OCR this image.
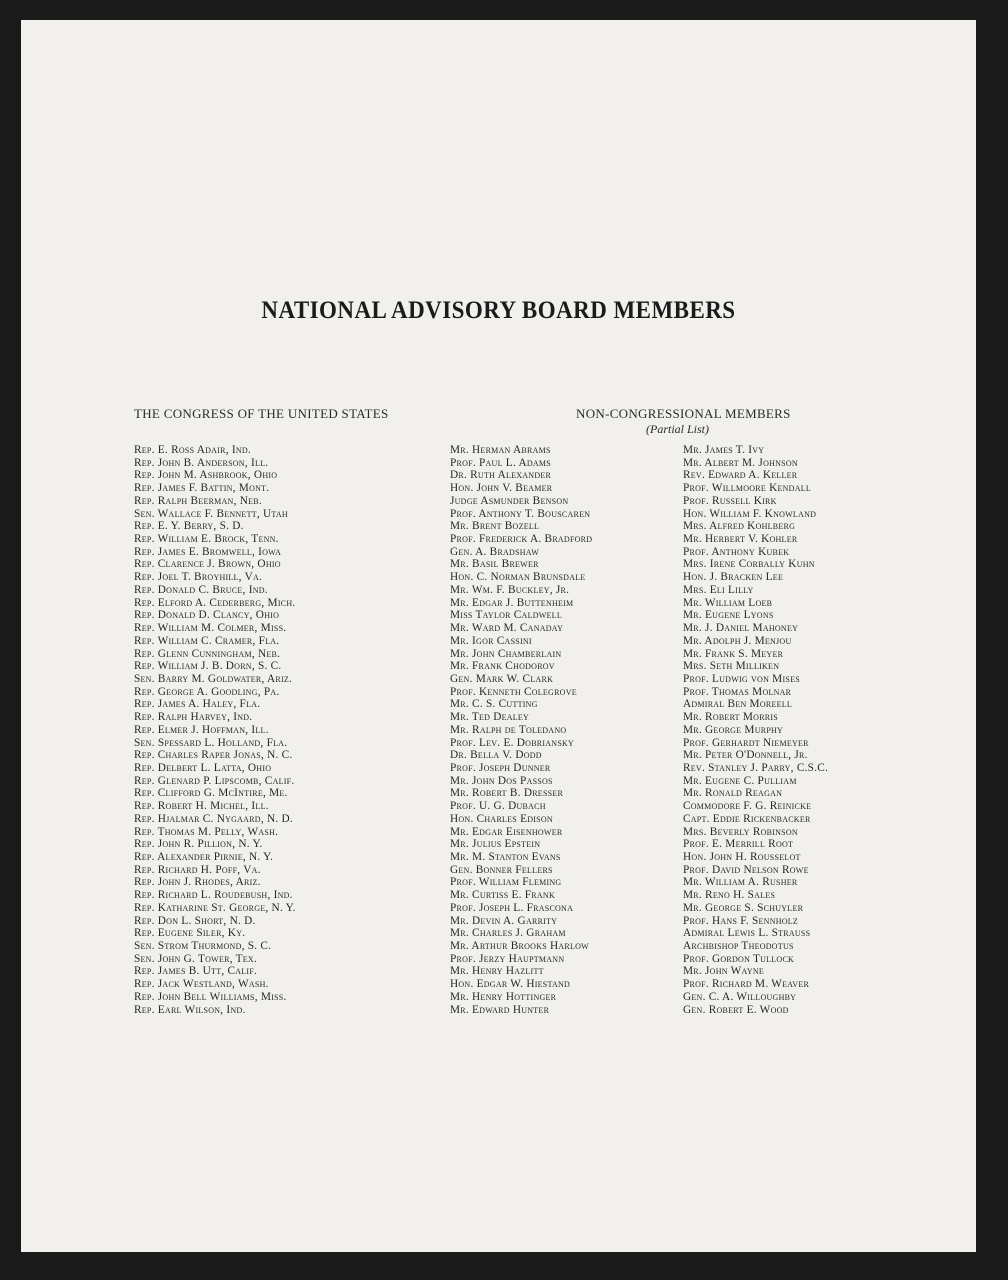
NATIONAL ADVISORY BOARD MEMBERS
THE CONGRESS OF THE UNITED STATES	NON-CONGRESSIONAL MEMBERS
(Partial List)
Rep. E. Ross Adair, Ind.
Rep. John B. Anderson, Ill.
Rep. John M. Ashbrook, Ohio
Rep. James F. Battin, Mont.
Rep. Ralph Beerman, Neb.
Sen. Wallace F. Bennett, Utah
Rep. E. Y. Berry, S. D.
Rep. William E. Brock, Tenn.
Rep. James E. Bromwell, Iowa
Rep. Clarence J. Brown, Ohio
Rep. Joel T. Broyhill, Va.
Rep. Donald C. Bruce, Ind.
Rep. Elford A. Cederberg, Mich.
Rep. Donald D. Clancy, Ohio
Rep. William M. Colmer, Miss.
Rep. William C. Cramer, Fla.
Rep. Glenn Cunningham, Neb.
Rep. William J. B. Dorn, S. C.
Sen. Barry M. Goldwater, Ariz.
Rep. George A. Goodling, Pa.
Rep. James A. Haley, Fla.
Rep. Ralph Harvey, Ind.
Rep. Elmer J. Hoffman, Ill.
Sen. Spessard L. Holland, Fla.
Rep. Charles Raper Jonas, N. C.
Rep. Delbert L. Latta, Ohio
Rep. Glenard P. Lipscomb, Calif.
Rep. Clifford G. McIntire, Me.
Rep. Robert H. Michel, Ill.
Rep. Hjalmar C. Nygaard, N. D.
Rep. Thomas M. Pelly, Wash.
Rep. John R. Pillion, N. Y.
Rep. Alexander Pirnie, N. Y.
Rep. Richard H. Poff, Va.
Rep. John J. Rhodes, Ariz.
Rep. Richard L. Roudebush, Ind.
Rep. Katharine St. George, N. Y.
Rep. Don L. Short, N. D.
Rep. Eugene Siler, Ky.
Sen. Strom Thurmond, S. C.
Sen. John G. Tower, Tex.
Rep. James B. Utt, Calif.
Rep. Jack Westland, Wash.
Rep. John Bell Williams, Miss.
Rep. Earl Wilson, Ind.
Mr. Herman Abrams
Prof. Paul L. Adams
Dr. Ruth Alexander
Hon. John V. Beamer
Judge Asmunder Benson
Prof. Anthony T. Bouscaren
Mr. Brent Bozell
Prof. Frederick A. Bradford
Gen. A. Bradshaw
Mr. Basil Brewer
Hon. C. Norman Brunsdale
Mr. Wm. F. Buckley, Jr.
Mr. Edgar J. Buttenheim
Miss Taylor Caldwell
Mr. Ward M. Canaday
Mr. Igor Cassini
Mr. John Chamberlain
Mr. Frank Chodorov
Gen. Mark W. Clark
Prof. Kenneth Colegrove
Mr. C. S. Cutting
Mr. Ted Dealey
Mr. Ralph de Toledano
Prof. Lev. E. Dobriansky
Dr. Bella V. Dodd
Prof. Joseph Dunner
Mr. John Dos Passos
Mr. Robert B. Dresser
Prof. U. G. Dubach
Hon. Charles Edison
Mr. Edgar Eisenhower
Mr. Julius Epstein
Mr. M. Stanton Evans
Gen. Bonner Fellers
Prof. William Fleming
Mr. Curtiss E. Frank
Prof. Joseph L. Frascona
Mr. Devin A. Garrity
Mr. Charles J. Graham
Mr. Arthur Brooks Harlow
Prof. Jerzy Hauptmann
Mr. Henry Hazlitt
Hon. Edgar W. Hiestand
Mr. Henry Hottinger
Mr. Edward Hunter
Mr. James T. Ivy
Mr. Albert M. Johnson
Rev. Edward A. Keller
Prof. Willmoore Kendall
Prof. Russell Kirk
Hon. William F. Knowland
Mrs. Alfred Kohlberg
Mr. Herbert V. Kohler
Prof. Anthony Kubek
Mrs. Irene Corbally Kuhn
Hon. J. Bracken Lee
Mrs. Eli Lilly
Mr. William Loeb
Mr. Eugene Lyons
Mr. J. Daniel Mahoney
Mr. Adolph J. Menjou
Mr. Frank S. Meyer
Mrs. Seth Milliken
Prof. Ludwig von Mises
Prof. Thomas Molnar
Admiral Ben Moreell
Mr. Robert Morris
Mr. George Murphy
Prof. Gerhardt Niemeyer
Mr. Peter O'Donnell, Jr.
Rev. Stanley J. Parry, C.S.C.
Mr. Eugene C. Pulliam
Mr. Ronald Reagan
Commodore F. G. Reinicke
Capt. Eddie Rickenbacker
Mrs. Beverly Robinson
Prof. E. Merrill Root
Hon. John H. Rousselot
Prof. David Nelson Rowe
Mr. William A. Rusher
Mr. Reno H. Sales
Mr. George S. Schuyler
Prof. Hans F. Sennholz
Admiral Lewis L. Strauss
Archbishop Theodotus
Prof. Gordon Tullock
Mr. John Wayne
Prof. Richard M. Weaver
Gen. C. A. Willoughby
Gen. Robert E. Wood
